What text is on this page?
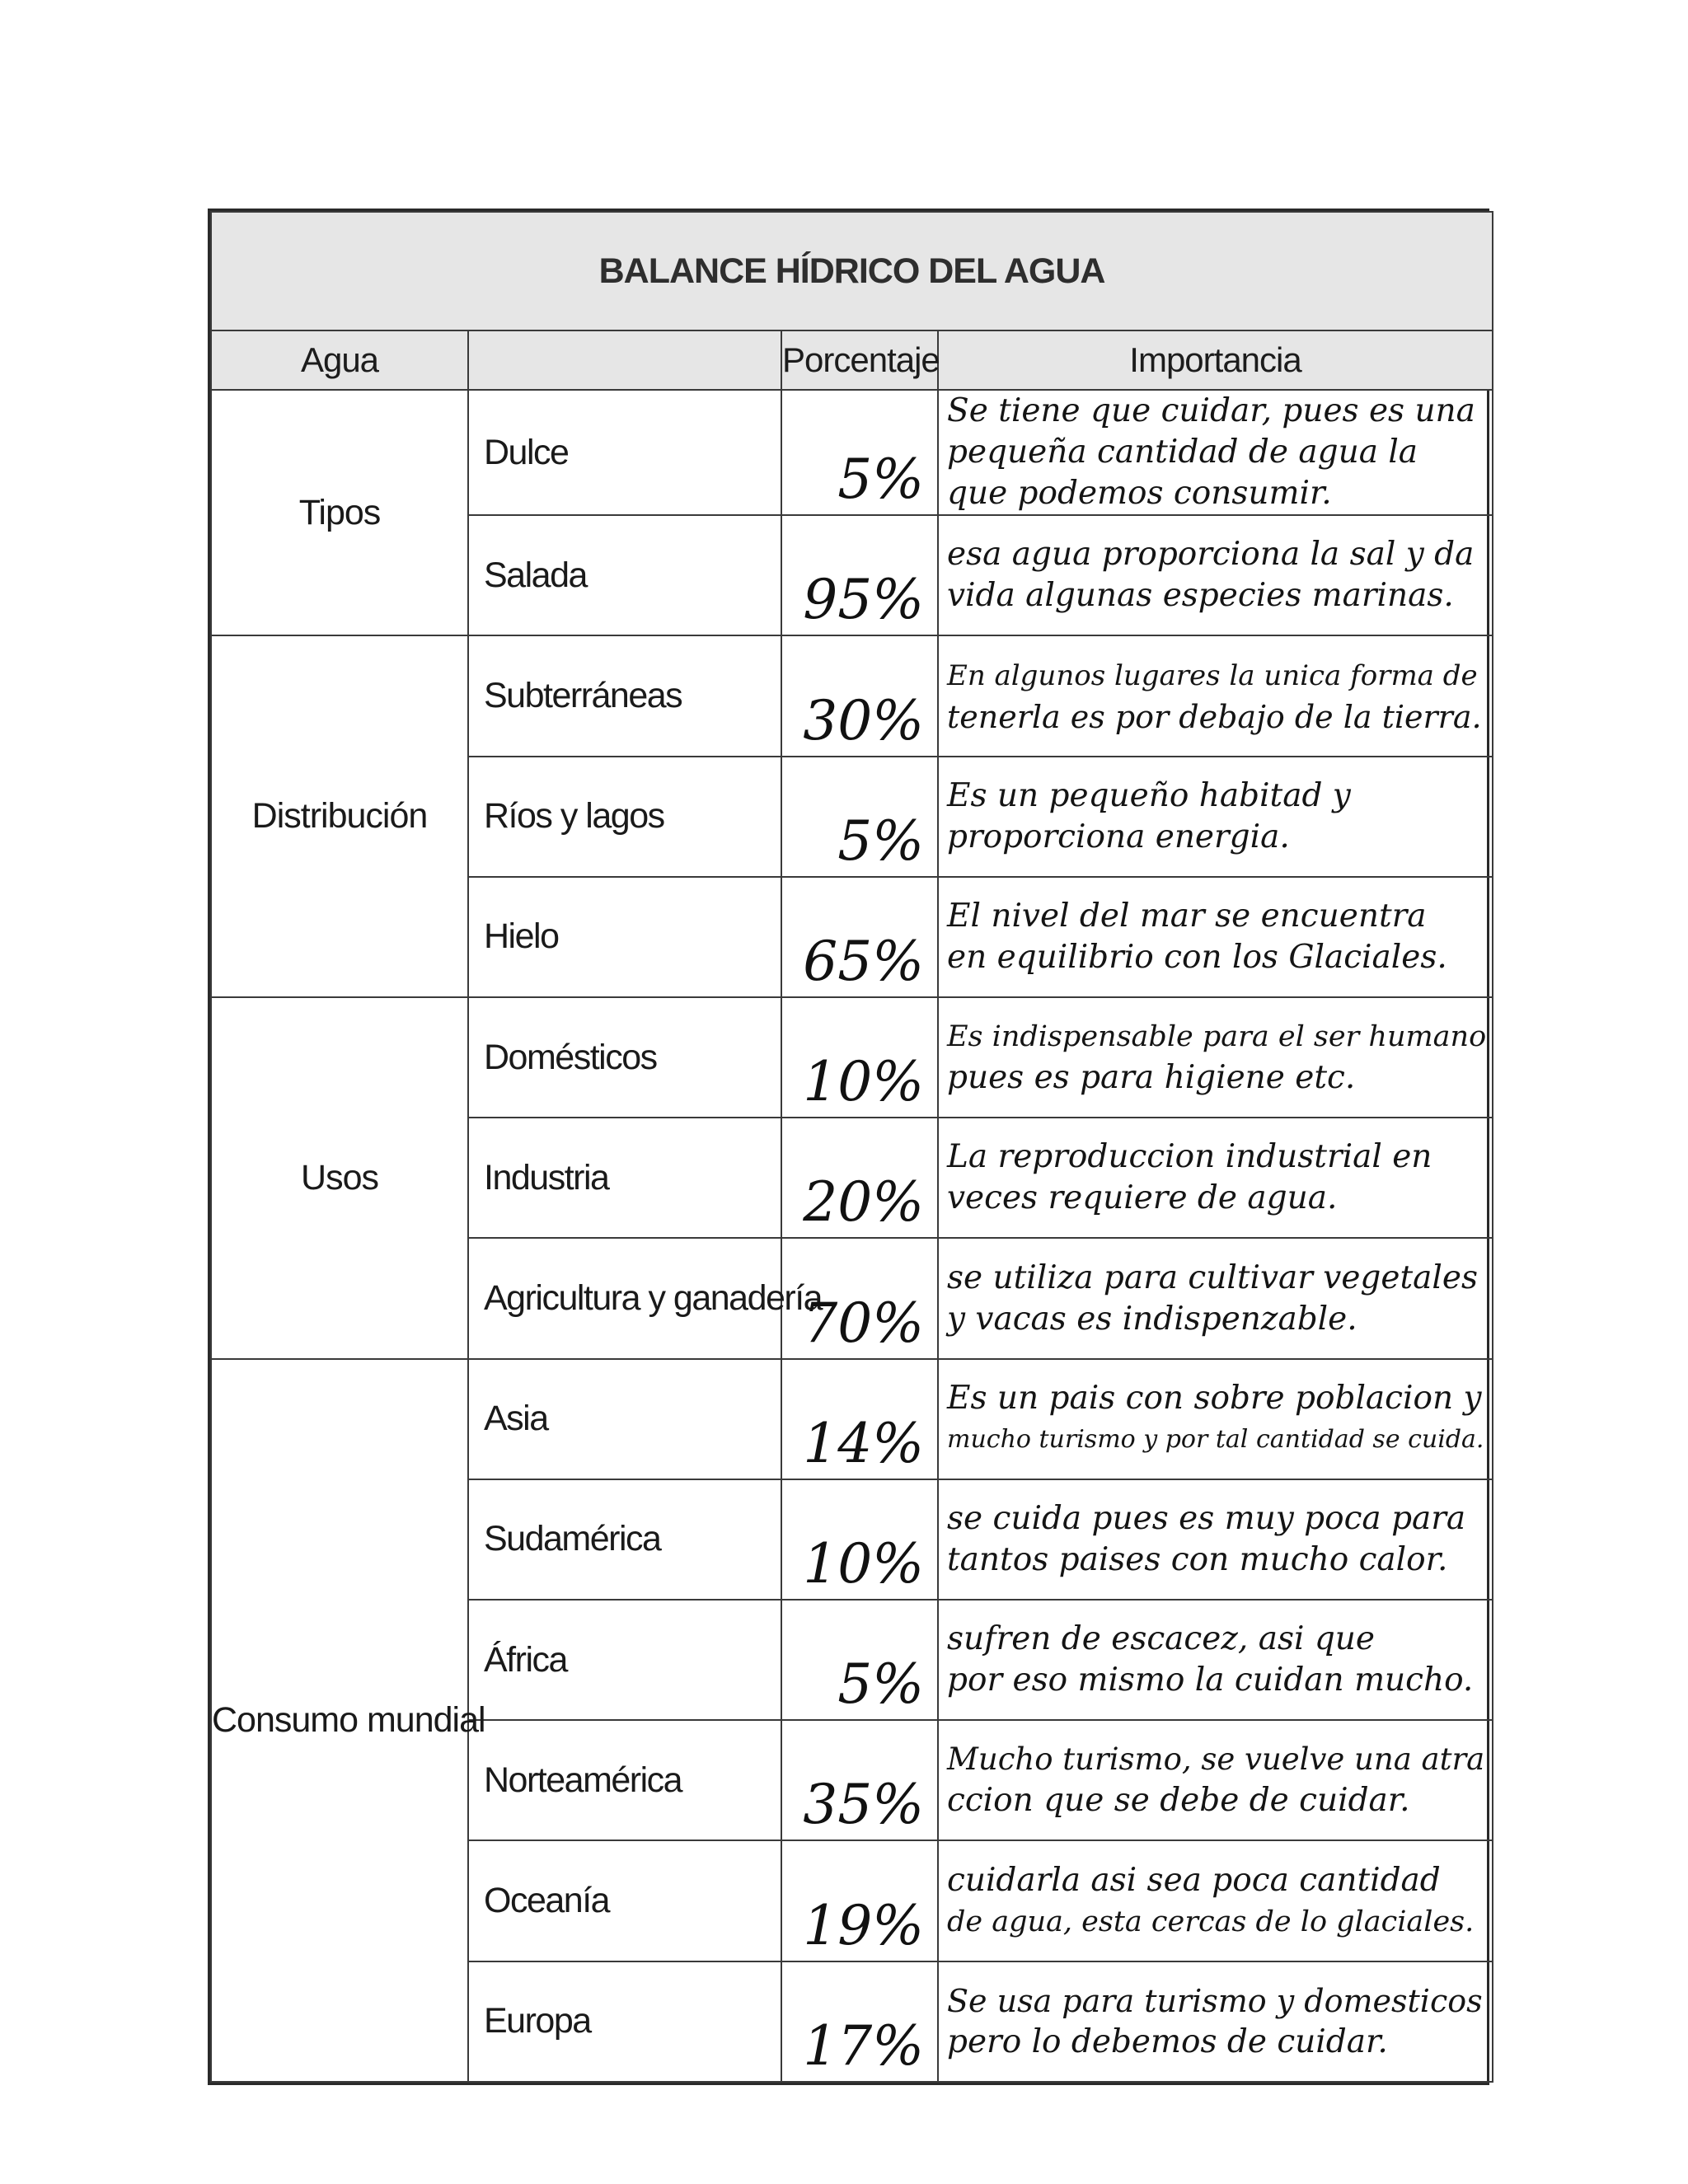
BALANCE HÍDRICO DEL AGUA			
Agua		Porcentaje	Importancia
Tipos	Dulce	5%	Se tiene que cuidar, pues es una
pequeña cantidad de agua la
que podemos consumir.

	Salada	95%	esa agua proporciona la sal y da
vida algunas especies marinas.

Distribución	Subterráneas	30%	En algunos lugares la unica forma de
tenerla es por debajo de la tierra.

	Ríos y lagos	5%	Es un pequeño habitad y
proporciona energia.

	Hielo	65%	El nivel del mar se encuentra
en equilibrio con los Glaciales.

Usos	Domésticos	10%	Es indispensable para el ser humano
pues es para higiene etc.

	Industria	20%	La reproduccion industrial en
veces requiere de agua.

	Agricultura y ganadería	70%	se utiliza para cultivar vegetales
y vacas es indispenzable.

Consumo mundial	Asia	14%	Es un pais con sobre poblacion y
mucho turismo y por tal cantidad se cuida.

	Sudamérica	10%	se cuida pues es muy poca para
tantos paises con mucho calor.

	África	5%	sufren de escacez, asi que
por eso mismo la cuidan mucho.

	Norteamérica	35%	Mucho turismo, se vuelve una atra
ccion que se debe de cuidar.

	Oceanía	19%	cuidarla asi sea poca cantidad
de agua, esta cercas de lo glaciales.

	Europa	17%	Se usa para turismo y domesticos
pero lo debemos de cuidar.
